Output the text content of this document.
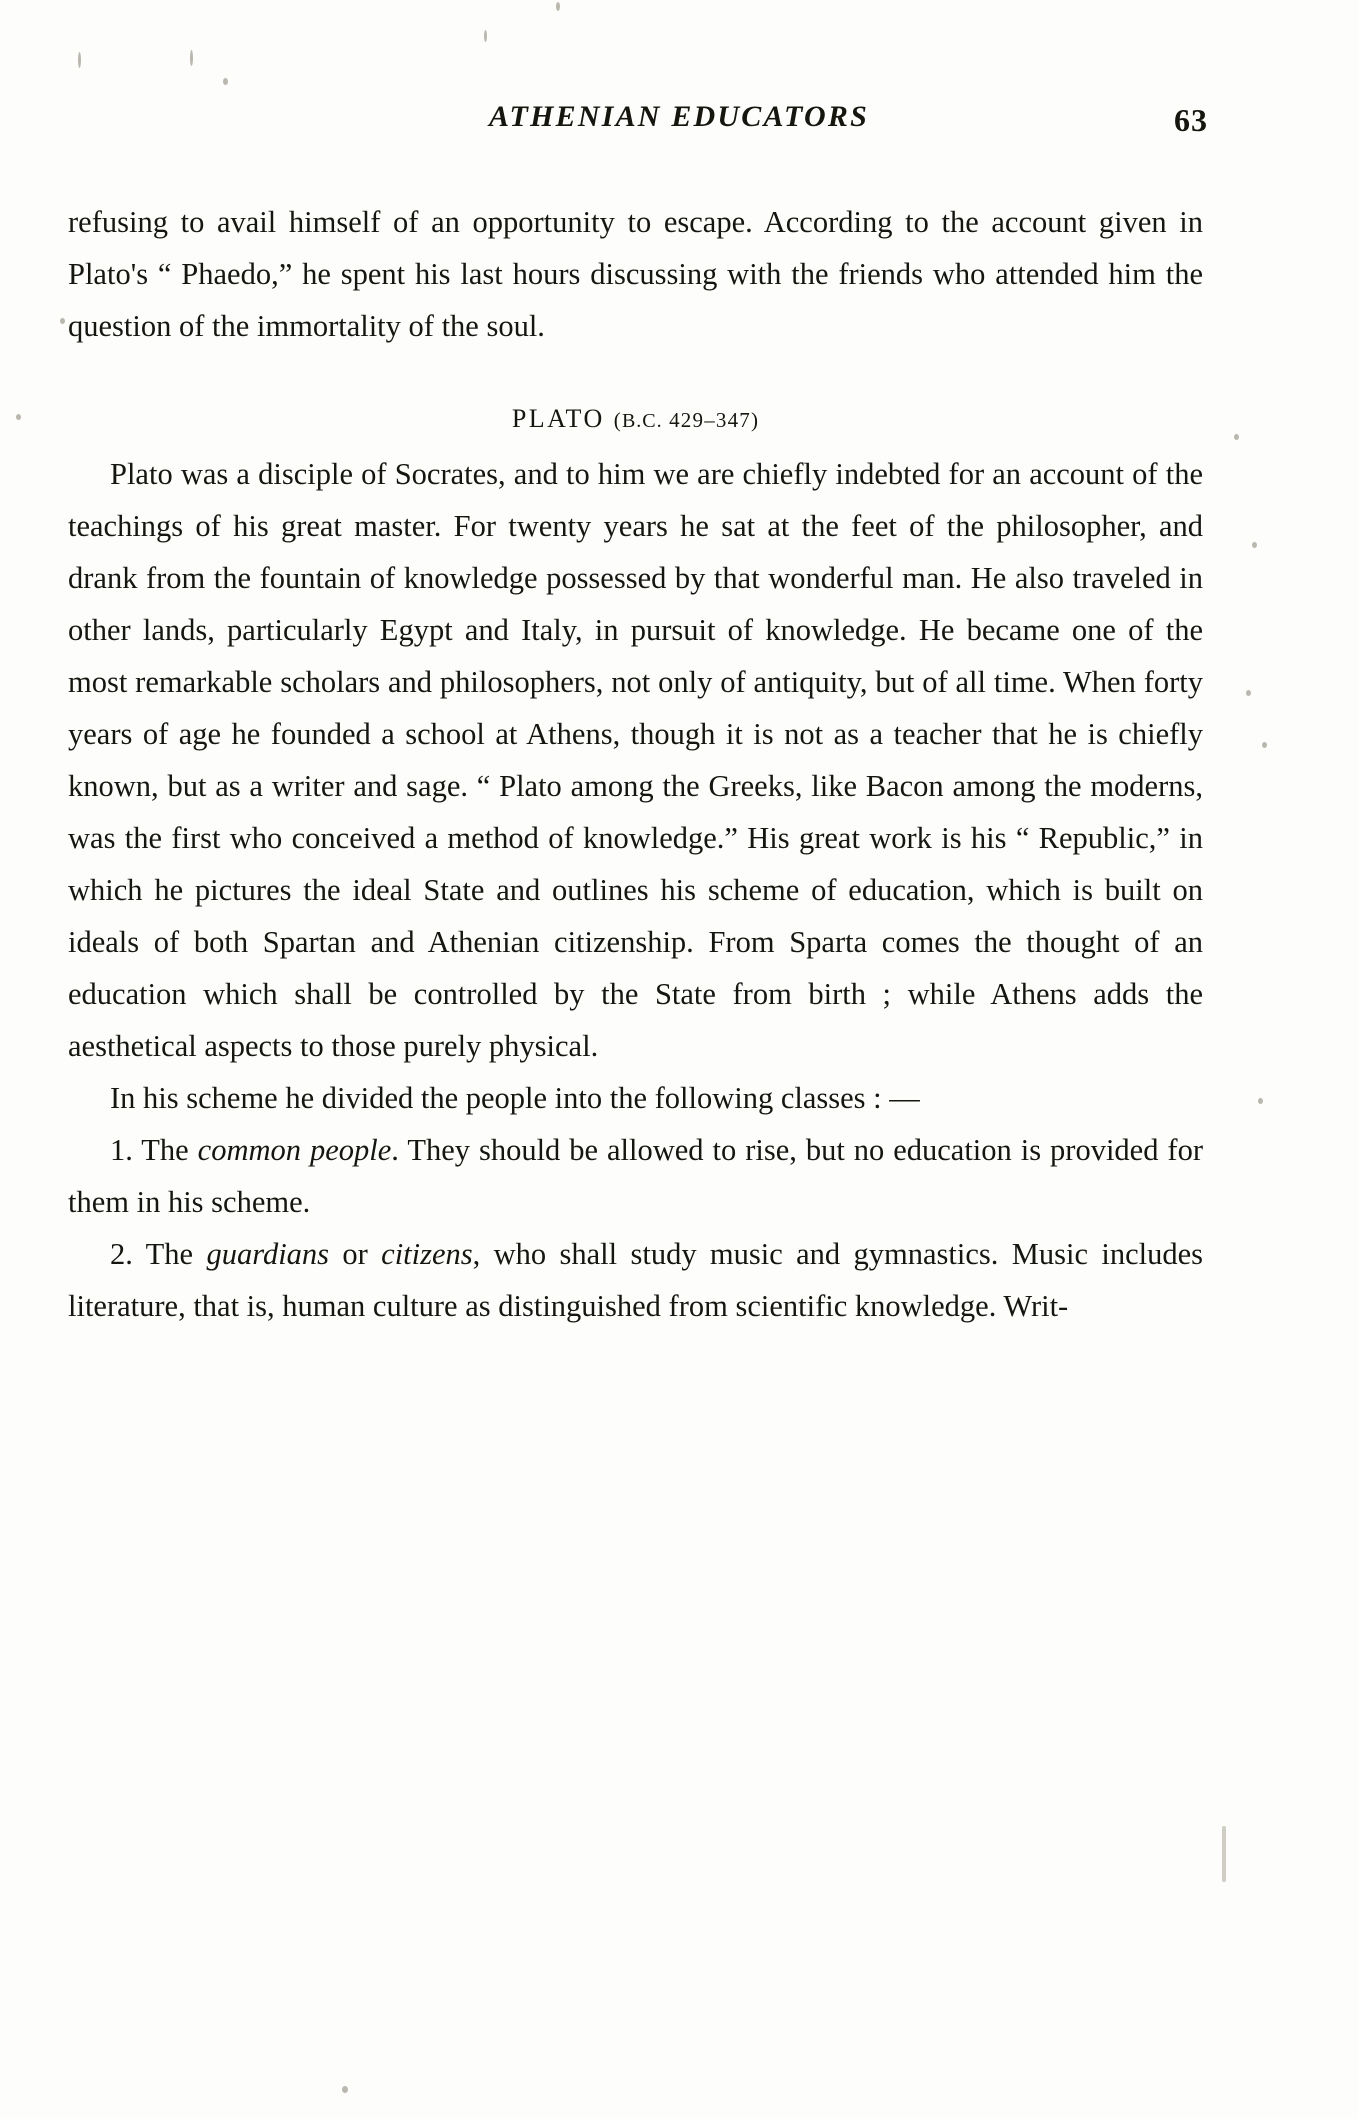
ATHENIAN EDUCATORS	63

refusing to avail himself of an opportunity to escape. According to the account given in Plato's “ Phaedo,” he spent his last hours discussing with the friends who attended him the question of the immortality of the soul.

PLATO (B.C. 429–347)

Plato was a disciple of Socrates, and to him we are chiefly indebted for an account of the teachings of his great master. For twenty years he sat at the feet of the philosopher, and drank from the fountain of knowledge possessed by that wonderful man. He also traveled in other lands, particularly Egypt and Italy, in pursuit of knowledge. He became one of the most remarkable scholars and philosophers, not only of antiquity, but of all time. When forty years of age he founded a school at Athens, though it is not as a teacher that he is chiefly known, but as a writer and sage. “ Plato among the Greeks, like Bacon among the moderns, was the first who conceived a method of knowledge.” His great work is his “ Republic,” in which he pictures the ideal State and outlines his scheme of education, which is built on ideals of both Spartan and Athenian citizenship. From Sparta comes the thought of an education which shall be controlled by the State from birth ; while Athens adds the aesthetical aspects to those purely physical.

In his scheme he divided the people into the following classes : —

1. The common people. They should be allowed to rise, but no education is provided for them in his scheme.

2. The guardians or citizens, who shall study music and gymnastics. Music includes literature, that is, human culture as distinguished from scientific knowledge. Writ-
